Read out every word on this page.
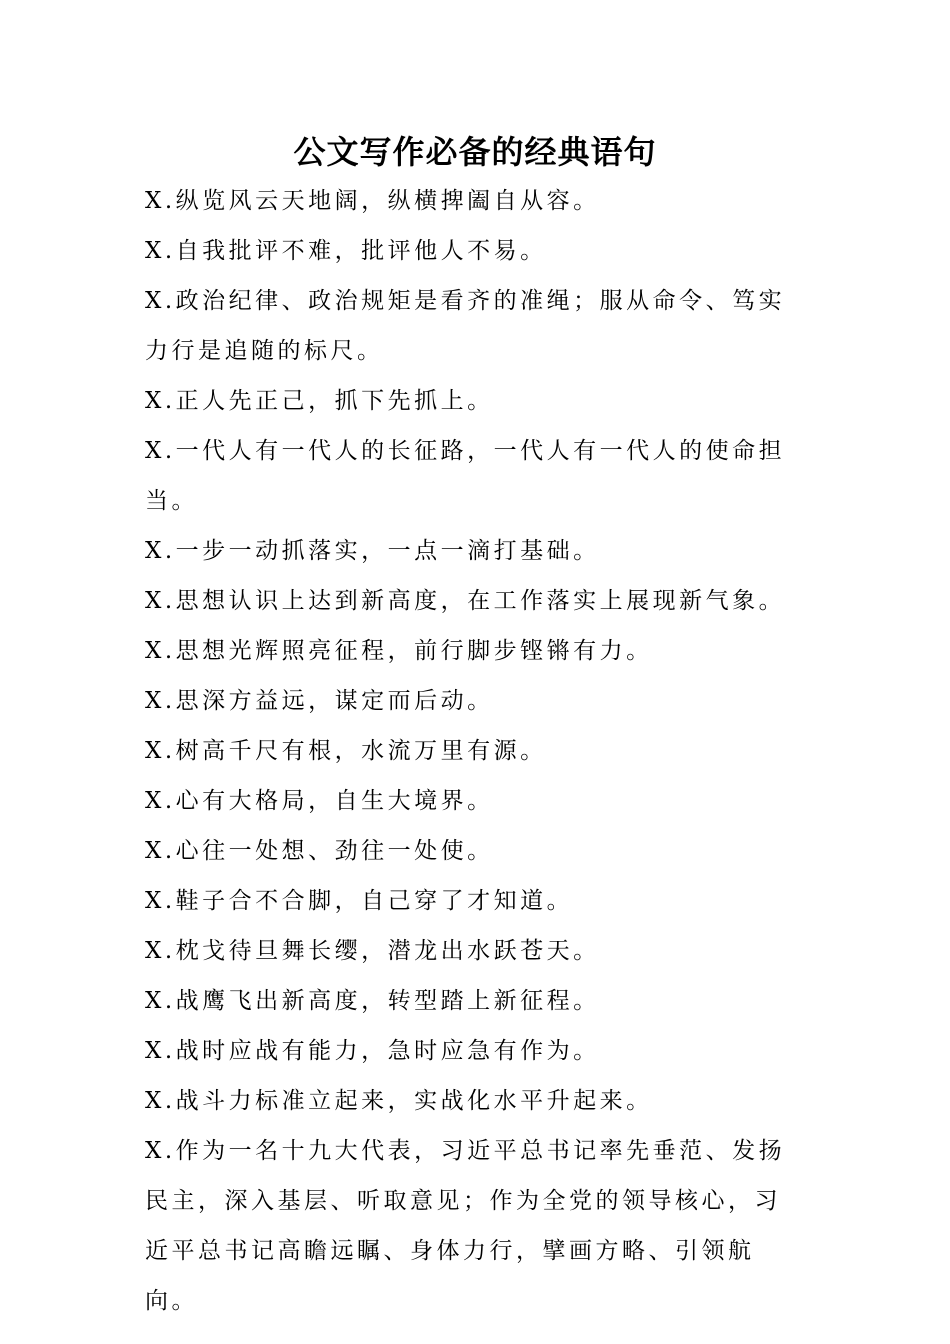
公文写作必备的经典语句

X.纵览风云天地阔，纵横捭阖自从容。

X.自我批评不难，批评他人不易。

X.政治纪律、政治规矩是看齐的准绳；服从命令、笃实力行是追随的标尺。

X.正人先正己，抓下先抓上。

X.一代人有一代人的长征路，一代人有一代人的使命担当。

X.一步一动抓落实，一点一滴打基础。

X.思想认识上达到新高度，在工作落实上展现新气象。

X.思想光辉照亮征程，前行脚步铿锵有力。

X.思深方益远，谋定而后动。

X.树高千尺有根，水流万里有源。

X.心有大格局，自生大境界。

X.心往一处想、劲往一处使。

X.鞋子合不合脚，自己穿了才知道。

X.枕戈待旦舞长缨，潜龙出水跃苍天。

X.战鹰飞出新高度，转型踏上新征程。

X.战时应战有能力，急时应急有作为。

X.战斗力标准立起来，实战化水平升起来。

X.作为一名十九大代表，习近平总书记率先垂范、发扬民主，深入基层、听取意见；作为全党的领导核心，习近平总书记高瞻远瞩、身体力行，擘画方略、引领航向。
